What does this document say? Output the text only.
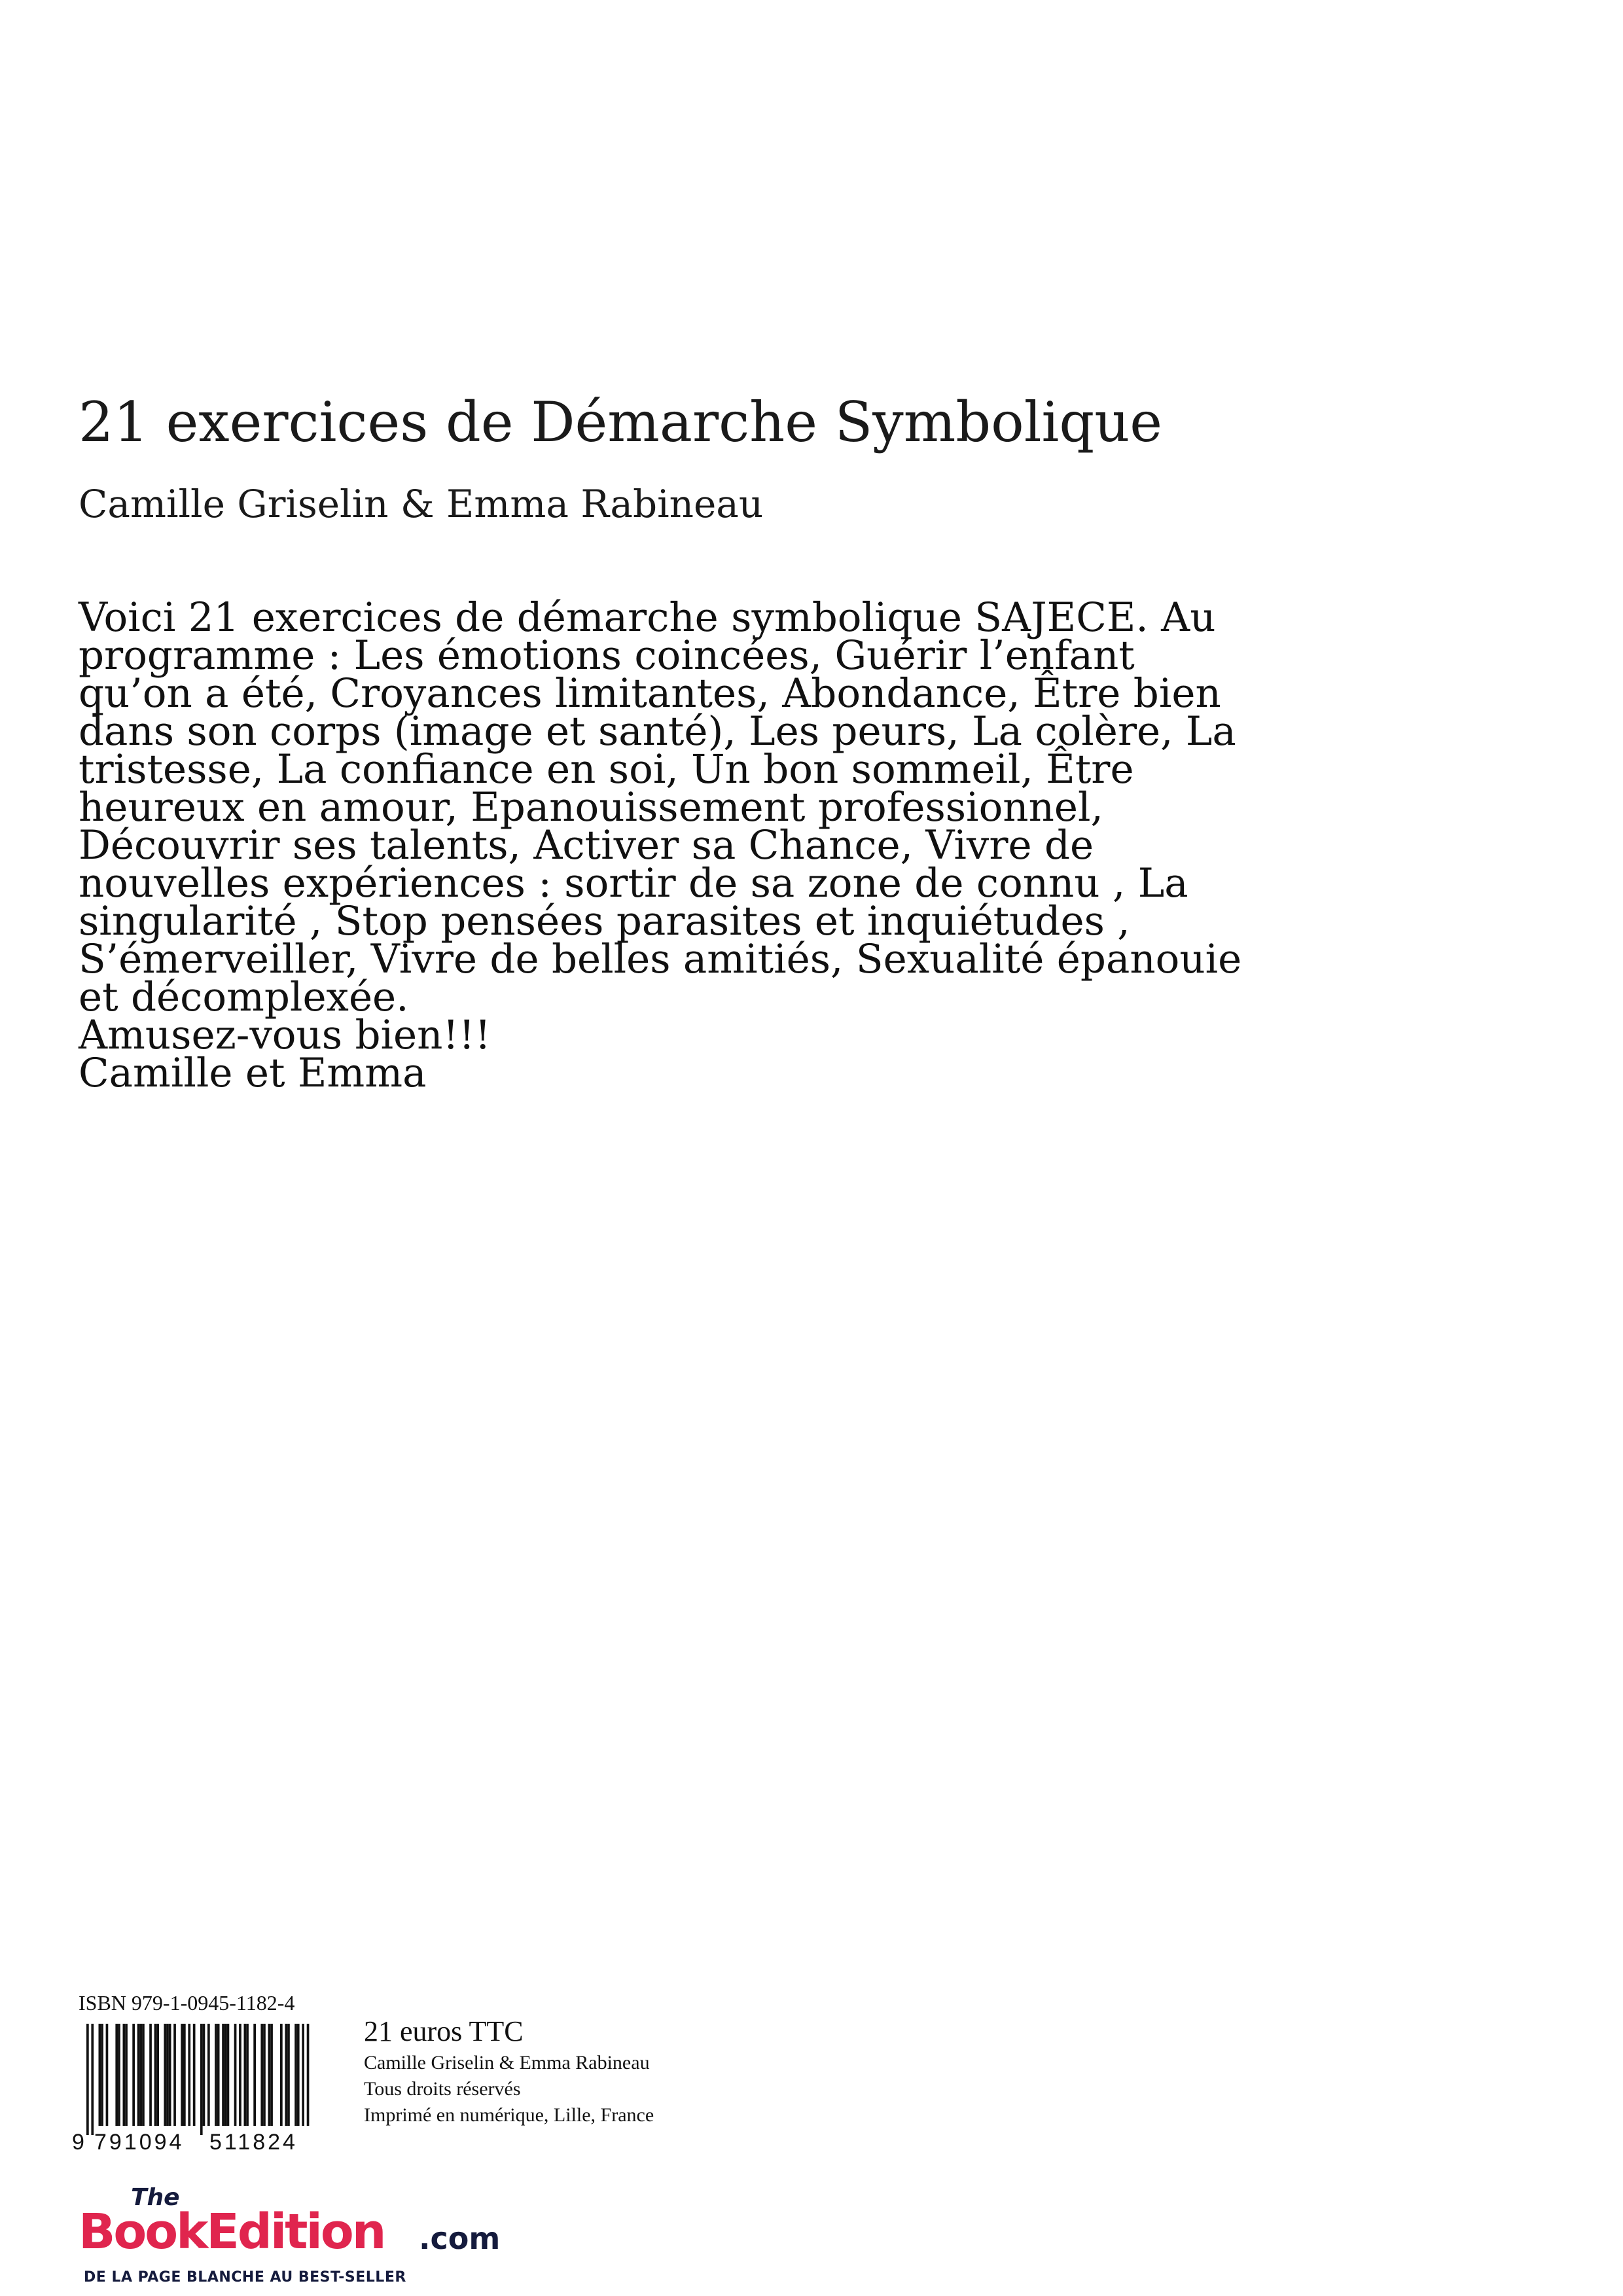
21 exercices de Démarche Symbolique
Camille Griselin & Emma Rabineau
Voici 21 exercices de démarche symbolique SAJECE. Au
programme : Les émotions coincées, Guérir l’enfant
qu’on a été, Croyances limitantes, Abondance, Être bien
dans son corps (image et santé), Les peurs, La colère, La
tristesse, La confiance en soi, Un bon sommeil, Être
heureux en amour, Epanouissement professionnel,
Découvrir ses talents, Activer sa Chance, Vivre de
nouvelles expériences : sortir de sa zone de connu , La
singularité , Stop pensées parasites et inquiétudes ,
S’émerveiller, Vivre de belles amitiés, Sexualité épanouie
et décomplexée.
Amusez-vous bien!!!
Camille et Emma
ISBN 979-1-0945-1182-4
9 791094 511824
21 euros TTC
Camille Griselin & Emma Rabineau
Tous droits réservés
Imprimé en numérique, Lille, France
The
BookEdition .com
DE LA PAGE BLANCHE AU BEST-SELLER
